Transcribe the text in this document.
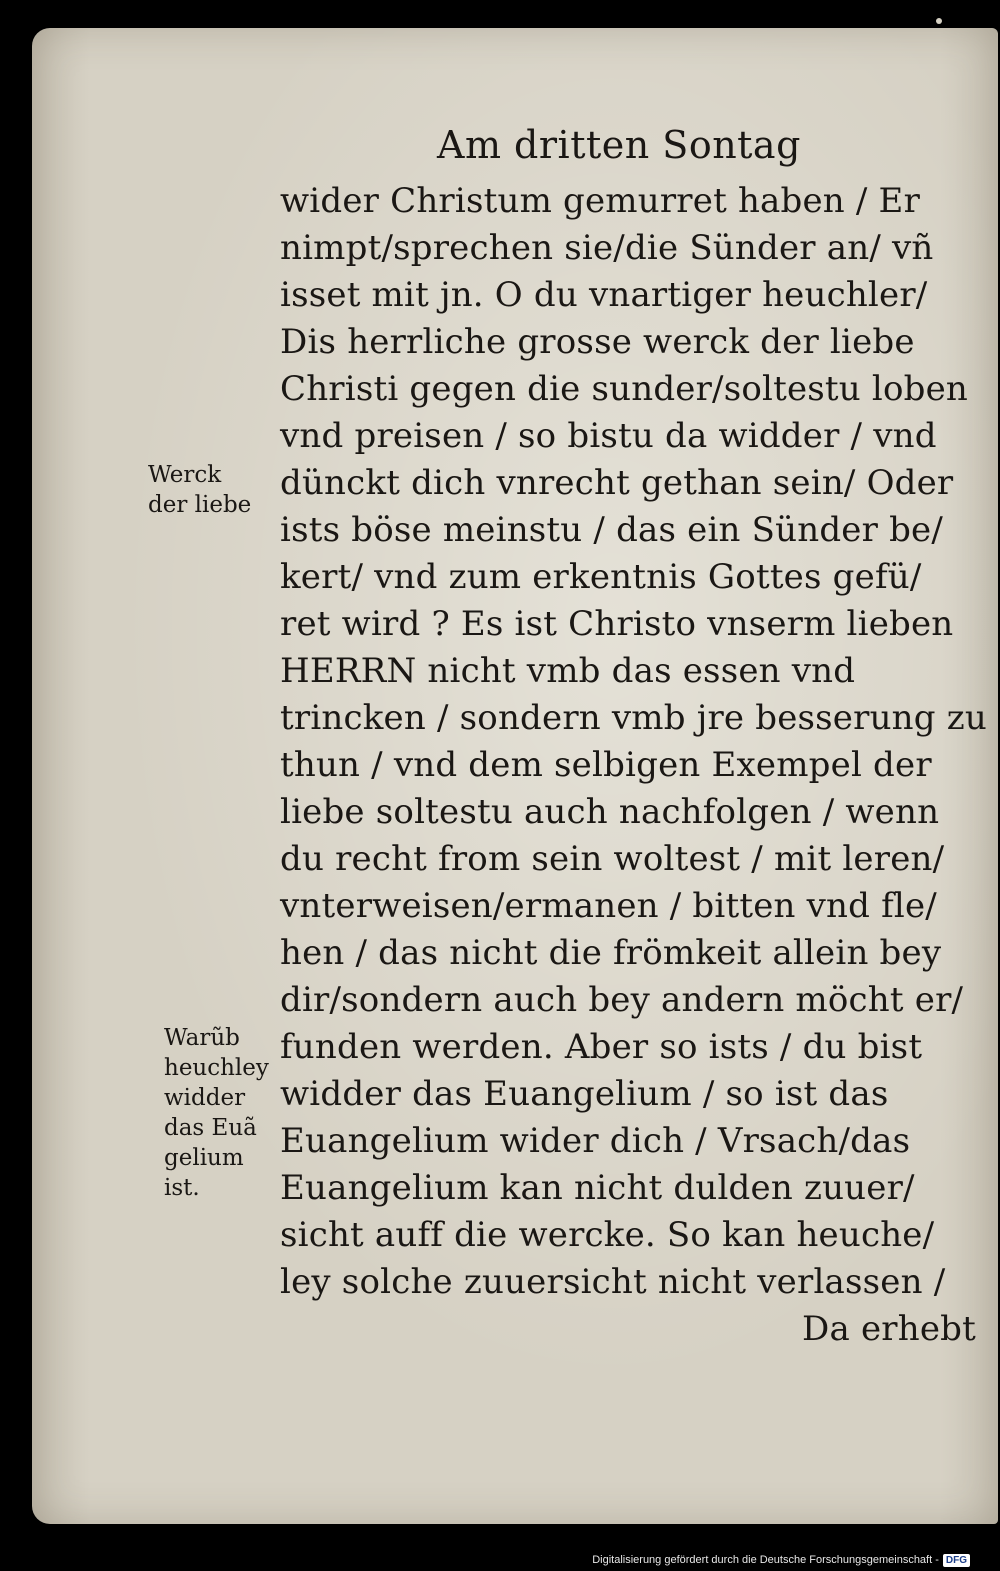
Am dritten Sontag
Werck
der liebe
Warũb
heuchley
widder
das Euã
gelium
ist.
wider Christum gemurret haben / Er
nimpt/sprechen sie/die Sünder an/ vñ
isset mit jn. O du vnartiger heuchler/
Dis herrliche grosse werck der liebe
Christi gegen die sunder/soltestu loben
vnd preisen / so bistu da widder / vnd
dünckt dich vnrecht gethan sein/ Oder
ists böse meinstu / das ein Sünder be/
kert/ vnd zum erkentnis Gottes gefü/
ret wird ? Es ist Christo vnserm lieben
HERRN nicht vmb das essen vnd
trincken / sondern vmb jre besserung zu
thun / vnd dem selbigen Exempel der
liebe soltestu auch nachfolgen / wenn
du recht from sein woltest / mit leren/
vnterweisen/ermanen / bitten vnd fle/
hen / das nicht die frömkeit allein bey
dir/sondern auch bey andern möcht er/
funden werden. Aber so ists / du bist
widder das Euangelium / so ist das
Euangelium wider dich / Vrsach/das
Euangelium kan nicht dulden zuuer/
sicht auff die wercke. So kan heuche/
ley solche zuuersicht nicht verlassen /
Da erhebt
Digitalisierung gefördert durch die Deutsche Forschungsgemeinschaft - DFG
